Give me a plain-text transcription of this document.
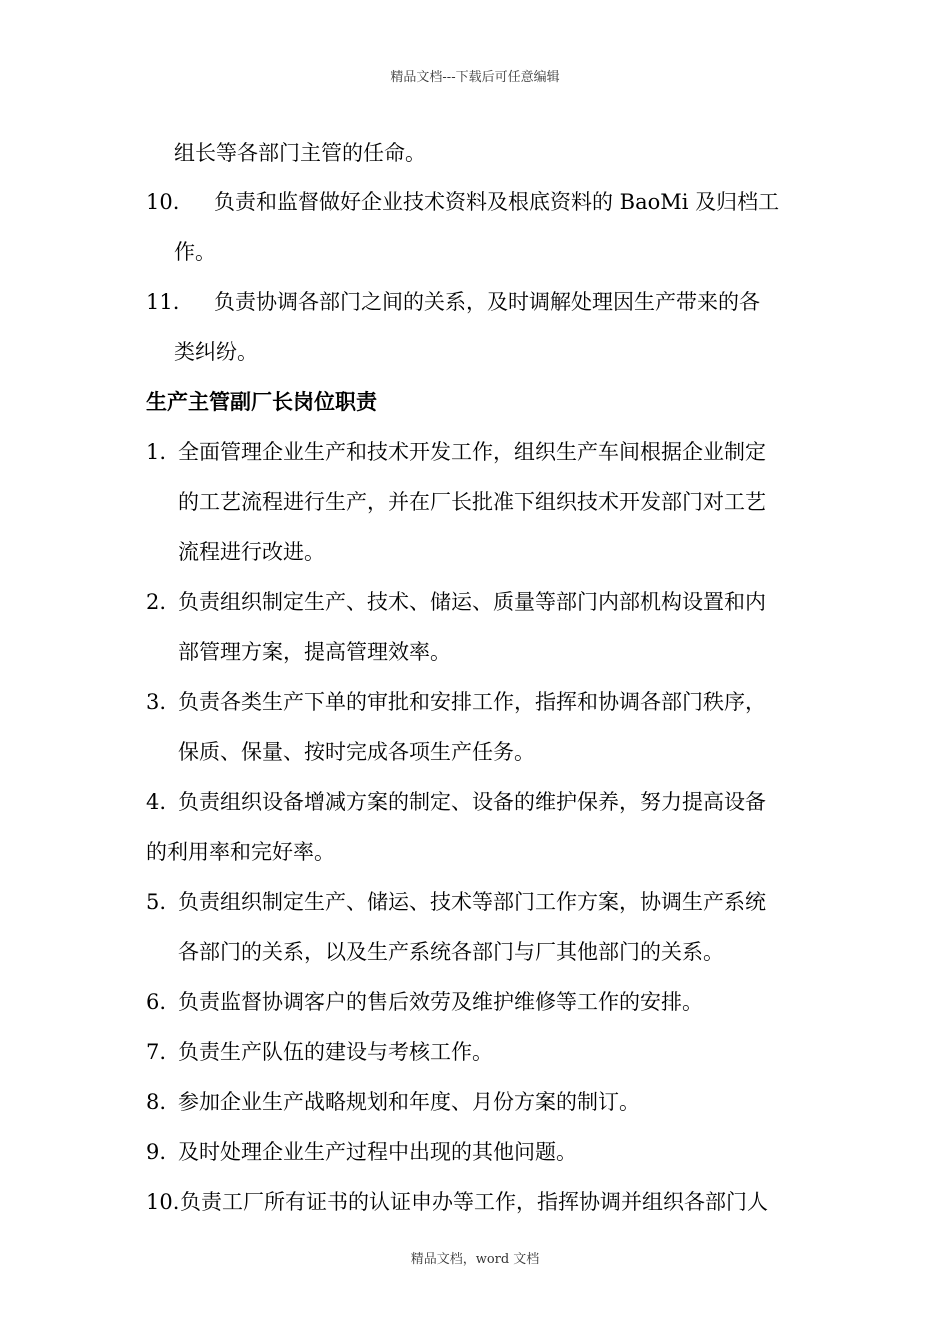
精品文档---下载后可任意编辑
组长等各部门主管的任命。
10. 负责和监督做好企业技术资料及根底资料的 BaoMi 及归档工
作。
11. 负责协调各部门之间的关系，及时调解处理因生产带来的各
类纠纷。
生产主管副厂长岗位职责
1. 全面管理企业生产和技术开发工作，组织生产车间根据企业制定
的工艺流程进行生产，并在厂长批准下组织技术开发部门对工艺
流程进行改进。
2. 负责组织制定生产、技术、储运、质量等部门内部机构设置和内
部管理方案，提高管理效率。
3. 负责各类生产下单的审批和安排工作，指挥和协调各部门秩序，
保质、保量、按时完成各项生产任务。
4. 负责组织设备增减方案的制定、设备的维护保养，努力提高设备
的利用率和完好率。
5. 负责组织制定生产、储运、技术等部门工作方案，协调生产系统
各部门的关系，以及生产系统各部门与厂其他部门的关系。
6. 负责监督协调客户的售后效劳及维护维修等工作的安排。
7. 负责生产队伍的建设与考核工作。
8. 参加企业生产战略规划和年度、月份方案的制订。
9. 及时处理企业生产过程中出现的其他问题。
10.负责工厂所有证书的认证申办等工作，指挥协调并组织各部门人
精品文档，word 文档
